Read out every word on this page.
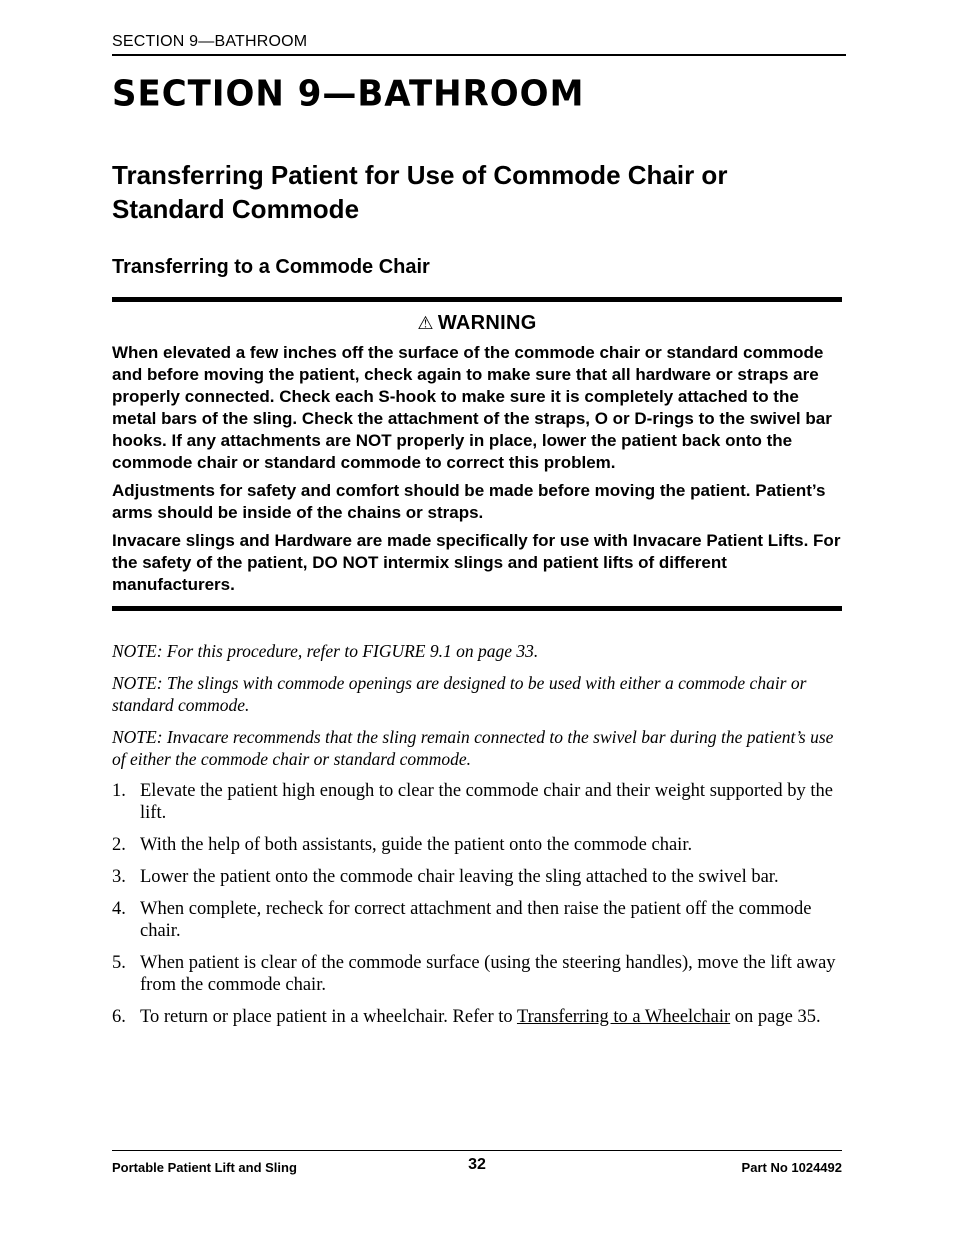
SECTION 9—BATHROOM
SECTION 9—BATHROOM
Transferring Patient for Use of Commode Chair or Standard Commode
Transferring to a Commode Chair
⚠ WARNING

When elevated a few inches off the surface of the commode chair or standard commode and before moving the patient, check again to make sure that all hardware or straps are properly connected. Check each S-hook to make sure it is completely attached to the metal bars of the sling. Check the attachment of the straps, O or D-rings to the swivel bar hooks. If any attachments are NOT properly in place, lower the patient back onto the commode chair or standard commode to correct this problem.

Adjustments for safety and comfort should be made before moving the patient. Patient’s arms should be inside of the chains or straps.

Invacare slings and Hardware are made specifically for use with Invacare Patient Lifts. For the safety of the patient, DO NOT intermix slings and patient lifts of different manufacturers.

NOTE: For this procedure, refer to FIGURE 9.1 on page 33.

NOTE: The slings with commode openings are designed to be used with either a commode chair or standard commode.

NOTE: Invacare recommends that the sling remain connected to the swivel bar during the patient’s use of either the commode chair or standard commode.

1. Elevate the patient high enough to clear the commode chair and their weight supported by the lift.
2. With the help of both assistants, guide the patient onto the commode chair.
3. Lower the patient onto the commode chair leaving the sling attached to the swivel bar.
4. When complete, recheck for correct attachment and then raise the patient off the commode chair.
5. When patient is clear of the commode surface (using the steering handles), move the lift away from the commode chair.
6. To return or place patient in a wheelchair. Refer to Transferring to a Wheelchair on page 35.
Portable Patient Lift and Sling	32	Part No 1024492
